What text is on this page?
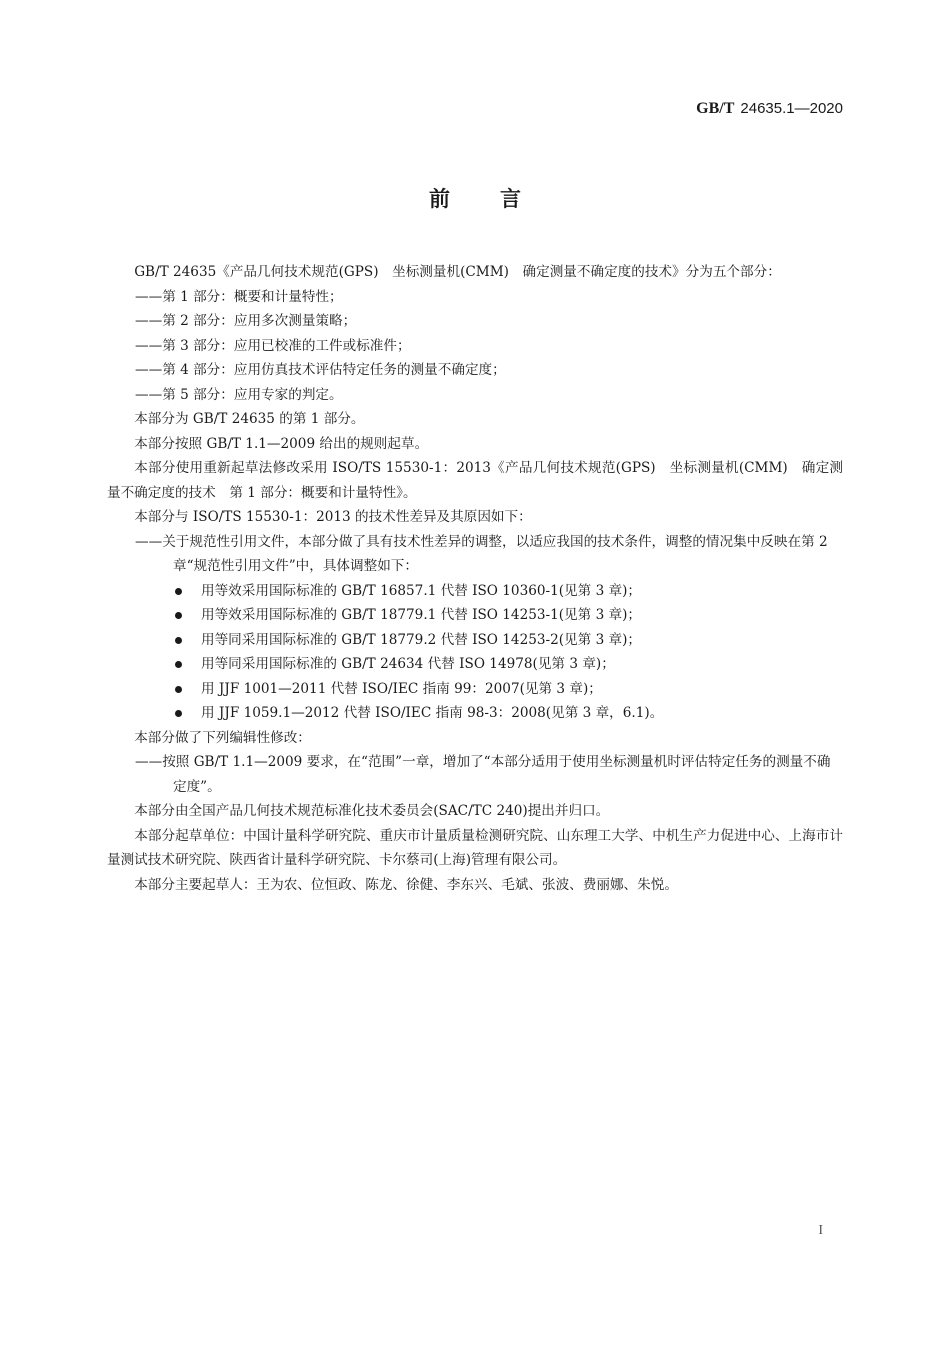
GB/T 24635.1—2020
前 言

GB/T 24635《产品几何技术规范(GPS)　坐标测量机(CMM)　确定测量不确定度的技术》分为五个部分：

——第 1 部分：概要和计量特性；

——第 2 部分：应用多次测量策略；

——第 3 部分：应用已校准的工件或标准件；

——第 4 部分：应用仿真技术评估特定任务的测量不确定度；

——第 5 部分：应用专家的判定。

本部分为 GB/T 24635 的第 1 部分。

本部分按照 GB/T 1.1—2009 给出的规则起草。

本部分使用重新起草法修改采用 ISO/TS 15530-1：2013《产品几何技术规范(GPS)　坐标测量机(CMM)　确定测量不确定度的技术　第 1 部分：概要和计量特性》。

本部分与 ISO/TS 15530-1：2013 的技术性差异及其原因如下：

——关于规范性引用文件，本部分做了具有技术性差异的调整，以适应我国的技术条件，调整的情况集中反映在第 2 章“规范性引用文件”中，具体调整如下：

用等效采用国际标准的 GB/T 16857.1 代替 ISO 10360-1(见第 3 章)；

用等效采用国际标准的 GB/T 18779.1 代替 ISO 14253-1(见第 3 章)；

用等同采用国际标准的 GB/T 18779.2 代替 ISO 14253-2(见第 3 章)；

用等同采用国际标准的 GB/T 24634 代替 ISO 14978(见第 3 章)；

用 JJF 1001—2011 代替 ISO/IEC 指南 99：2007(见第 3 章)；

用 JJF 1059.1—2012 代替 ISO/IEC 指南 98-3：2008(见第 3 章，6.1)。

本部分做了下列编辑性修改：

——按照 GB/T 1.1—2009 要求，在“范围”一章，增加了“本部分适用于使用坐标测量机时评估特定任务的测量不确定度”。

本部分由全国产品几何技术规范标准化技术委员会(SAC/TC 240)提出并归口。

本部分起草单位：中国计量科学研究院、重庆市计量质量检测研究院、山东理工大学、中机生产力促进中心、上海市计量测试技术研究院、陕西省计量科学研究院、卡尔蔡司(上海)管理有限公司。

本部分主要起草人：王为农、位恒政、陈龙、徐健、李东兴、毛斌、张波、费丽娜、朱悦。

I
